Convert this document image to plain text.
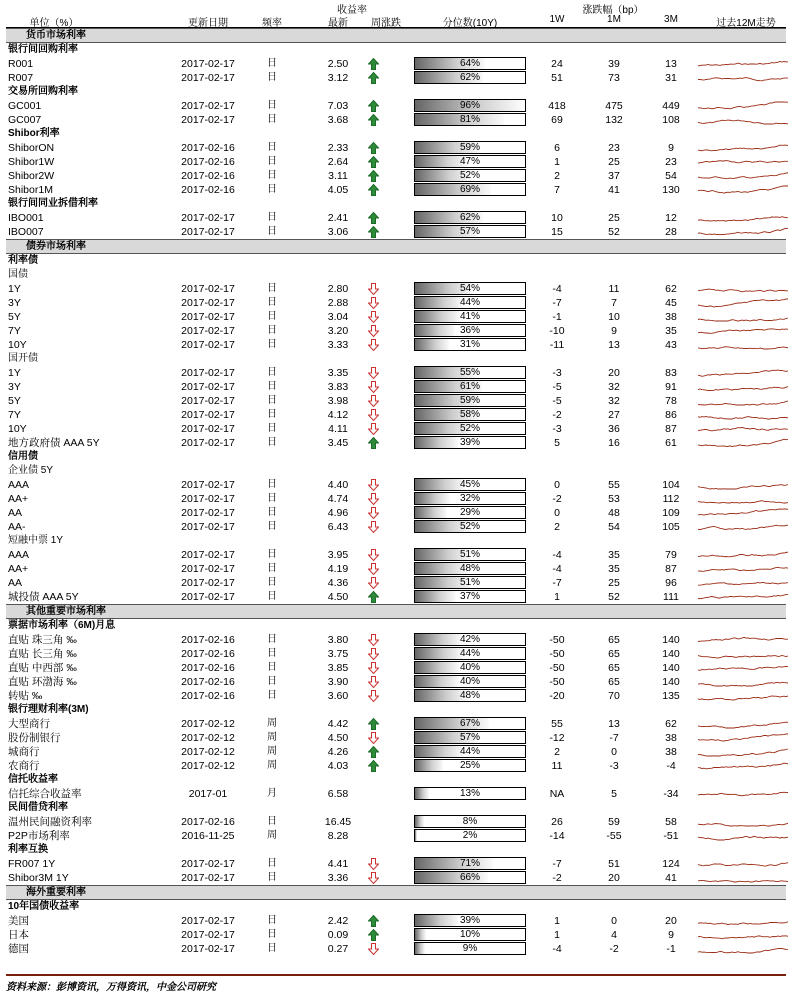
收益率	涨跌幅（bp）
单位（%）	更新日期	频率	最新 周涨跌	分位数(10Y)	1W	1M	3M	过去12M走势
货币市场利率
银行间回购利率
R001	2017-02-17	日	2.50	64%	24	39	13
R007	2017-02-17	日	3.12	62%	51	73	31
交易所回购利率
GC001	2017-02-17	日	7.03	96%	418	475	449
GC007	2017-02-17	日	3.68	81%	69	132	108
Shibor利率
ShiborON	2017-02-16	日	2.33	59%	6	23	9
Shibor1W	2017-02-16	日	2.64	47%	1	25	23
Shibor2W	2017-02-16	日	3.11	52%	2	37	54
Shibor1M	2017-02-16	日	4.05	69%	7	41	130
银行间同业拆借利率
IBO001	2017-02-17	日	2.41	62%	10	25	12
IBO007	2017-02-17	日	3.06	57%	15	52	28
债券市场利率
利率债
国债
1Y	2017-02-17	日	2.80	54%	-4	11	62
3Y	2017-02-17	日	2.88	44%	-7	7	45
5Y	2017-02-17	日	3.04	41%	-1	10	38
7Y	2017-02-17	日	3.20	36%	-10	9	35
10Y	2017-02-17	日	3.33	31%	-11	13	43
国开债
1Y	2017-02-17	日	3.35	55%	-3	20	83
3Y	2017-02-17	日	3.83	61%	-5	32	91
5Y	2017-02-17	日	3.98	59%	-5	32	78
7Y	2017-02-17	日	4.12	58%	-2	27	86
10Y	2017-02-17	日	4.11	52%	-3	36	87
地方政府债 AAA 5Y	2017-02-17	日	3.45	39%	5	16	61
信用债
企业债 5Y
AAA	2017-02-17	日	4.40	45%	0	55	104
AA+	2017-02-17	日	4.74	32%	-2	53	112
AA	2017-02-17	日	4.96	29%	0	48	109
AA-	2017-02-17	日	6.43	52%	2	54	105
短融中票 1Y
AAA	2017-02-17	日	3.95	51%	-4	35	79
AA+	2017-02-17	日	4.19	48%	-4	35	87
AA	2017-02-17	日	4.36	51%	-7	25	96
城投债 AAA 5Y	2017-02-17	日	4.50	37%	1	52	111
其他重要市场利率
票据市场利率（6M)月息
直贴 珠三角 ‰	2017-02-16	日	3.80	42%	-50	65	140
直贴 长三角 ‰	2017-02-16	日	3.75	44%	-50	65	140
直贴 中西部 ‰	2017-02-16	日	3.85	40%	-50	65	140
直贴 环渤海 ‰	2017-02-16	日	3.90	40%	-50	65	140
转贴 ‰	2017-02-16	日	3.60	48%	-20	70	135
银行理财利率(3M)
大型商行	2017-02-12	周	4.42	67%	55	13	62
股份制银行	2017-02-12	周	4.50	57%	-12	-7	38
城商行	2017-02-12	周	4.26	44%	2	0	38
农商行	2017-02-12	周	4.03	25%	11	-3	-4
信托收益率
信托综合收益率	2017-01	月	6.58	13%	NA	5	-34
民间借贷利率
温州民间融资利率	2017-02-16	日	16.45	8%	26	59	58
P2P市场利率	2016-11-25	周	8.28	2%	-14	-55	-51
利率互换
FR007 1Y	2017-02-17	日	4.41	71%	-7	51	124
Shibor3M 1Y	2017-02-17	日	3.36	66%	-2	20	41
海外重要利率
10年国债收益率
美国	2017-02-17	日	2.42	39%	1	0	20
日本	2017-02-17	日	0.09	10%	1	4	9
德国	2017-02-17	日	0.27	9%	-4	-2	-1
资料来源：彭博资讯，万得资讯，中金公司研究
